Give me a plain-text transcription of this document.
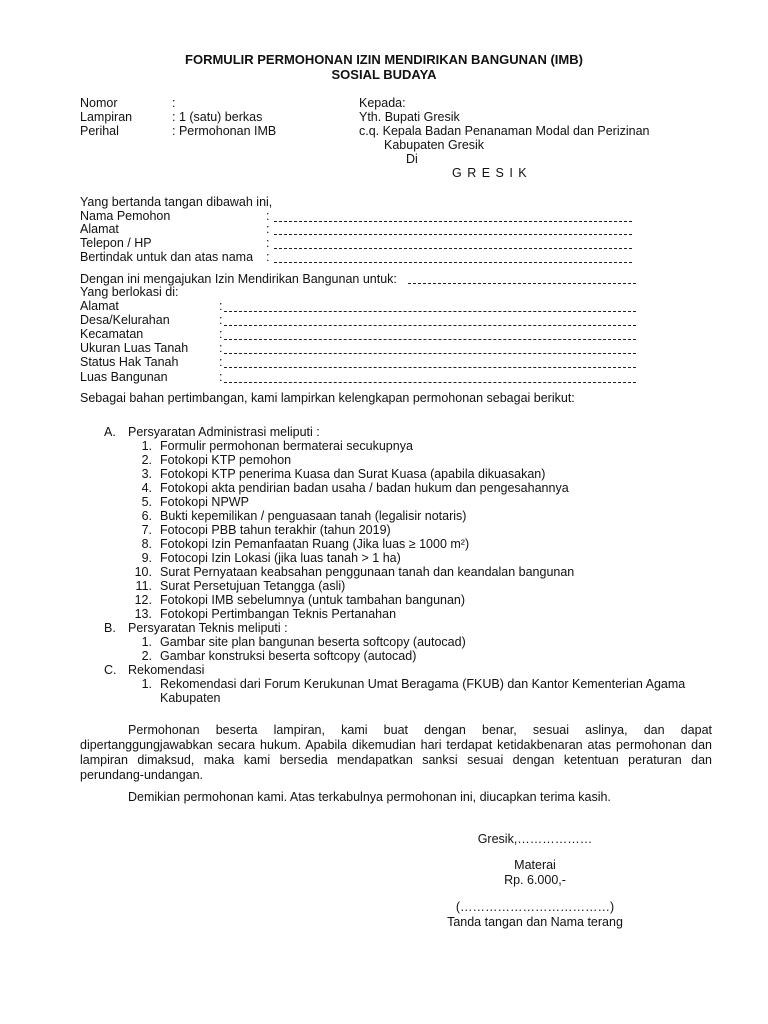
FORMULIR PERMOHONAN IZIN MENDIRIKAN BANGUNAN (IMB)
SOSIAL BUDAYA
Nomor	:
Lampiran	: 1 (satu) berkas
Perihal	: Permohonan IMB
Kepada:
Yth. Bupati Gresik
c.q. Kepala Badan Penanaman Modal dan Perizinan
Kabupaten Gresik
Di
G R E S I K
Yang bertanda tangan dibawah ini,
Nama Pemohon	:
Alamat	:
Telepon / HP	:
Bertindak untuk dan atas nama :
Dengan ini mengajukan Izin Mendirikan Bangunan untuk:
Yang berlokasi di:
Alamat	:
Desa/Kelurahan	:
Kecamatan	:
Ukuran Luas Tanah :
Status Hak Tanah	:
Luas Bangunan	:
Sebagai bahan pertimbangan, kami lampirkan kelengkapan permohonan sebagai berikut:
A. Persyaratan Administrasi meliputi :
1. Formulir permohonan bermaterai secukupnya
2. Fotokopi KTP pemohon
3. Fotokopi KTP penerima Kuasa dan Surat Kuasa (apabila dikuasakan)
4. Fotokopi akta pendirian badan usaha / badan hukum dan pengesahannya
5. Fotokopi NPWP
6. Bukti kepemilikan / penguasaan tanah (legalisir notaris)
7. Fotocopi PBB tahun terakhir (tahun 2019)
8. Fotokopi Izin Pemanfaatan Ruang (Jika luas ≥ 1000 m²)
9. Fotocopi Izin Lokasi (jika luas tanah > 1 ha)
10. Surat Pernyataan keabsahan penggunaan tanah dan keandalan bangunan
11. Surat Persetujuan Tetangga (asli)
12. Fotokopi IMB sebelumnya (untuk tambahan bangunan)
13. Fotokopi Pertimbangan Teknis Pertanahan
B. Persyaratan Teknis meliputi :
1. Gambar site plan bangunan beserta softcopy (autocad)
2. Gambar konstruksi beserta softcopy (autocad)
C. Rekomendasi
1. Rekomendasi dari Forum Kerukunan Umat Beragama (FKUB) dan Kantor Kementerian Agama
Kabupaten
Permohonan beserta lampiran, kami buat dengan benar, sesuai aslinya, dan dapat dipertanggungjawabkan secara hukum. Apabila dikemudian hari terdapat ketidakbenaran atas permohonan dan lampiran dimaksud, maka kami bersedia mendapatkan sanksi sesuai dengan ketentuan peraturan dan perundang-undangan.
Demikian permohonan kami. Atas terkabulnya permohonan ini, diucapkan terima kasih.
Gresik,………………
Materai
Rp. 6.000,-
(………………………………)
Tanda tangan dan Nama terang
